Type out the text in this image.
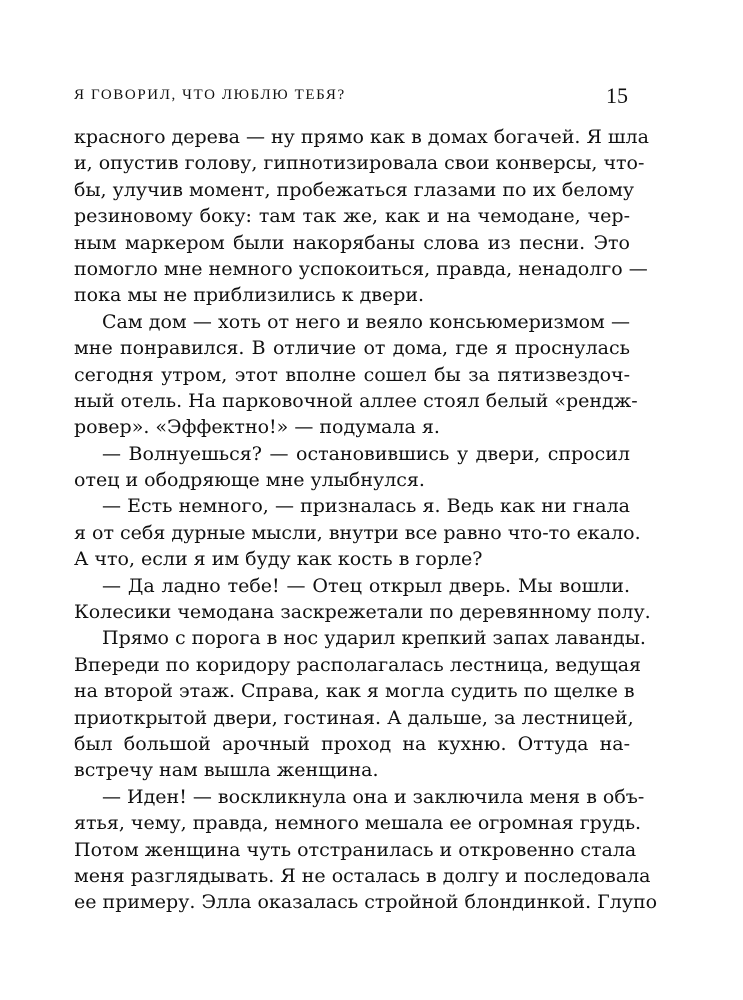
Я ГОВОРИЛ, ЧТО ЛЮБЛЮ ТЕБЯ?	15

красного дерева — ну прямо как в домах богачей. Я шла
и, опустив голову, гипнотизировала свои конверсы, что-
бы, улучив момент, пробежаться глазами по их белому
резиновому боку: там так же, как и на чемодане, чер-
ным маркером были накорябаны слова из песни. Это
помогло мне немного успокоиться, правда, ненадолго —
пока мы не приблизились к двери.

Сам дом — хоть от него и веяло консьюмеризмом —
мне понравился. В отличие от дома, где я проснулась
сегодня утром, этот вполне сошел бы за пятизвездоч-
ный отель. На парковочной аллее стоял белый «рендж-
ровер». «Эффектно!» — подумала я.

— Волнуешься? — остановившись у двери, спросил
отец и ободряюще мне улыбнулся.

— Есть немного, — призналась я. Ведь как ни гнала
я от себя дурные мысли, внутри все равно что-то екало.
А что, если я им буду как кость в горле?

— Да ладно тебе! — Отец открыл дверь. Мы вошли.
Колесики чемодана заскрежетали по деревянному полу.

Прямо с порога в нос ударил крепкий запах лаванды.
Впереди по коридору располагалась лестница, ведущая
на второй этаж. Справа, как я могла судить по щелке в
приоткрытой двери, гостиная. А дальше, за лестницей,
был большой арочный проход на кухню. Оттуда на-
встречу нам вышла женщина.

— Иден! — воскликнула она и заключила меня в объ-
ятья, чему, правда, немного мешала ее огромная грудь.
Потом женщина чуть отстранилась и откровенно стала
меня разглядывать. Я не осталась в долгу и последовала
ее примеру. Элла оказалась стройной блондинкой. Глупо
